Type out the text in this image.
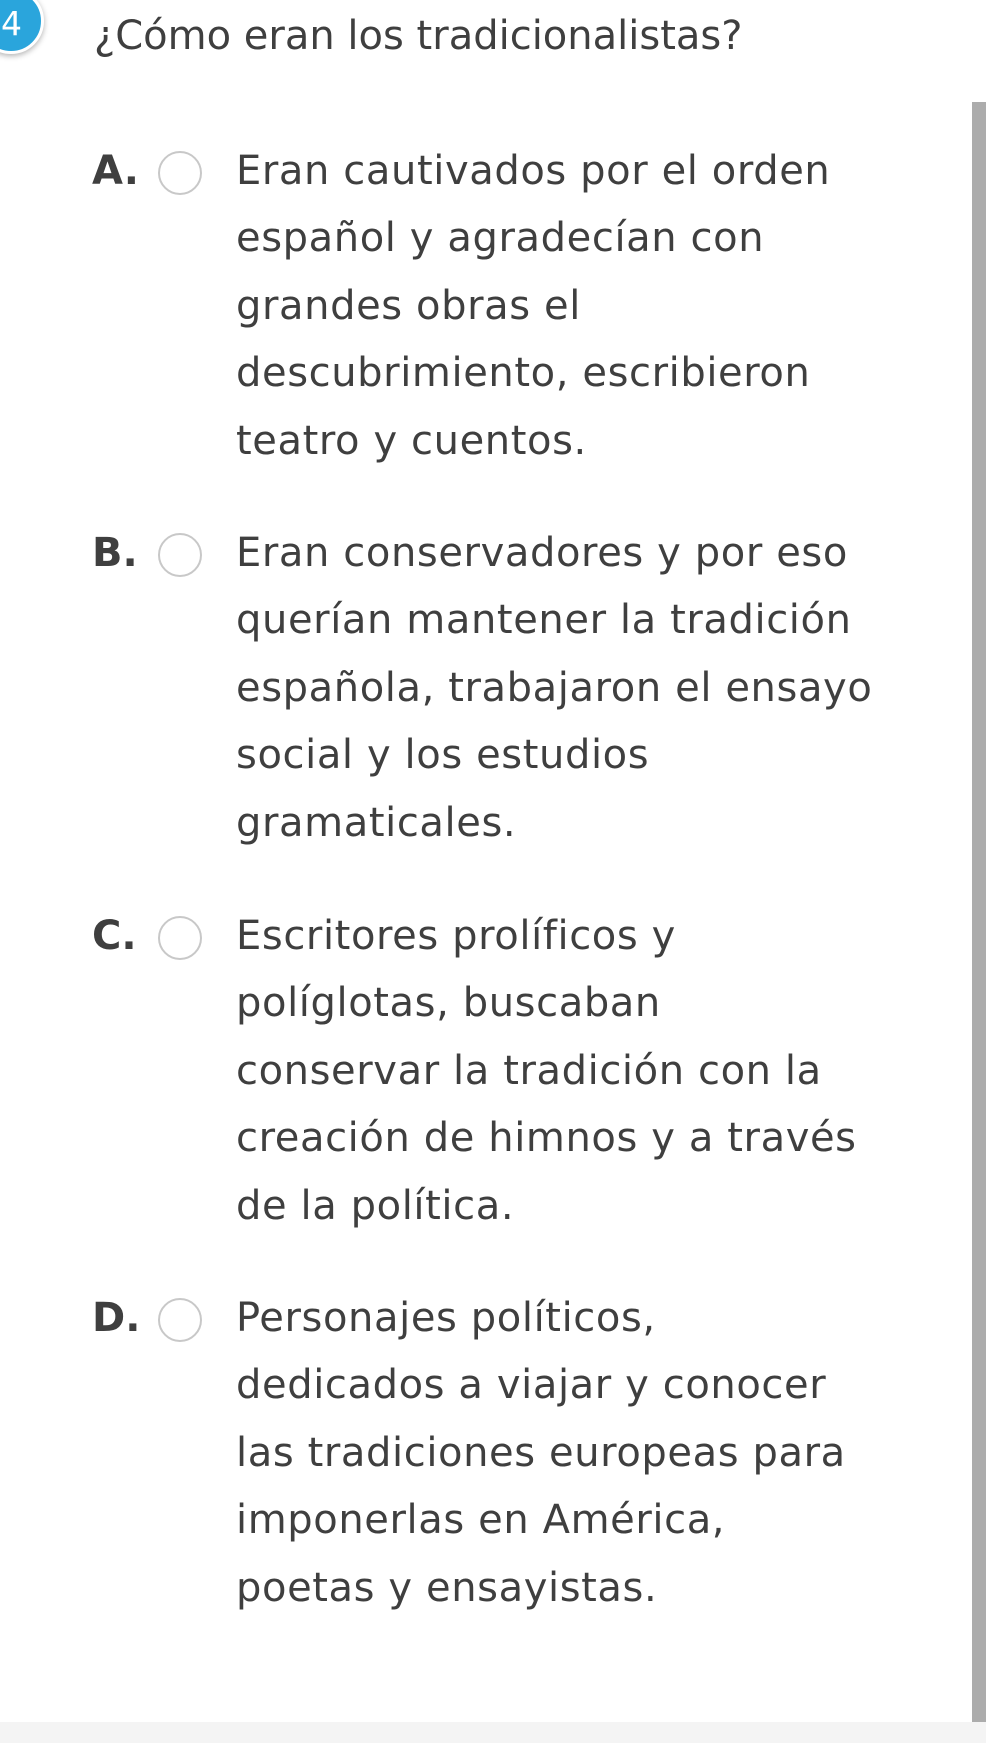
4 ¿Cómo eran los tradicionalistas?
A. Eran cautivados por el orden
español y agradecían con
grandes obras el
descubrimiento, escribieron
teatro y cuentos.
B. Eran conservadores y por eso
querían mantener la tradición
española, trabajaron el ensayo
social y los estudios
gramaticales.
C. Escritores prolíficos y
políglotas, buscaban
conservar la tradición con la
creación de himnos y a través
de la política.
D. Personajes políticos,
dedicados a viajar y conocer
las tradiciones europeas para
imponerlas en América,
poetas y ensayistas.
